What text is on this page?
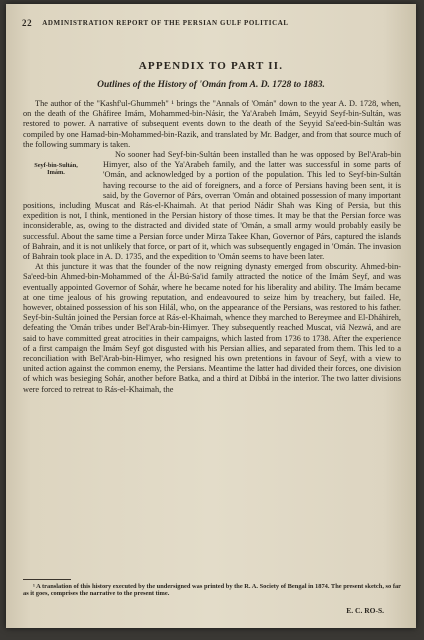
22 ADMINISTRATION REPORT OF THE PERSIAN GULF POLITICAL
APPENDIX TO PART II.
Outlines of the History of 'Omán from A. D. 1728 to 1883.

The author of the "Kashf'ul-Ghummeh" ¹ brings the "Annals of 'Omán" down to the year A. D. 1728, when, on the death of the Gháfiree Imám, Mohammed-bin-Násir, the Ya'Arabeh Imám, Seyyid Seyf-bin-Sultán, was restored to power. A narrative of subsequent events down to the death of the Seyyid Sa'eed-bin-Sultán was compiled by one Hamad-bin-Mohammed-bin-Razik, and translated by Mr. Badger, and from that source much of the following summary is taken.

Seyf-bin-Sultán,
Imám.

No sooner had Seyf-bin-Sultán been installed than he was opposed by Bel'Arab-bin Himyer, also of the Ya'Arabeh family, and the latter was successful in some parts of 'Omán, and acknowledged by a portion of the population. This led to Seyf-bin-Sultán having recourse to the aid of foreigners, and a force of Persians having been sent, it is said, by the Governor of Párs, overran 'Omán and obtained possession of many important positions, including Muscat and Rás-el-Khaimah. At that period Nádir Shah was King of Persia, but this expedition is not, I think, mentioned in the Persian history of those times. It may be that the Persian force was inconsiderable, as, owing to the distracted and divided state of 'Omán, a small army would probably easily be successful. About the same time a Persian force under Mirza Takee Khan, Governor of Párs, captured the islands of Bahrain, and it is not unlikely that force, or part of it, which was subsequently engaged in 'Omán. The invasion of Bahrain took place in A. D. 1735, and the expedition to 'Omán seems to have been later.

At this juncture it was that the founder of the now reigning dynasty emerged from obscurity. Ahmed-bin-Sa'eed-bin Ahmed-bin-Mohammed of the Ál-Bú-Sa'id family attracted the notice of the Imám Seyf, and was eventually appointed Governor of Sohár, where he became noted for his liberality and ability. The Imám became at one time jealous of his growing reputation, and endeavoured to seize him by treachery, but failed. He, however, obtained possession of his son Hilál, who, on the appearance of the Persians, was restored to his father. Seyf-bin-Sultán joined the Persian force at Rás-el-Khaimah, whence they marched to Bereymee and El-Dháhireh, defeating the 'Omán tribes under Bel'Arab-bin-Himyer. They subsequently reached Muscat, viâ Nezwá, and are said to have committed great atrocities in their campaigns, which lasted from 1736 to 1738. After the experience of a first campaign the Imám Seyf got disgusted with his Persian allies, and separated from them. This led to a reconciliation with Bel'Arab-bin-Himyer, who resigned his own pretentions in favour of Seyf, with a view to united action against the common enemy, the Persians. Meantime the latter had divided their forces, one division of which was besieging Sohár, another before Batka, and a third at Dibbá in the interior. The two latter divisions were forced to retreat to Rás-el-Khaimah, the

¹ A translation of this history executed by the undersigned was printed by the R. A. Society of Bengal in 1874. The present sketch, so far as it goes, comprises the narrative to the present time.
E. C. RO-S.
